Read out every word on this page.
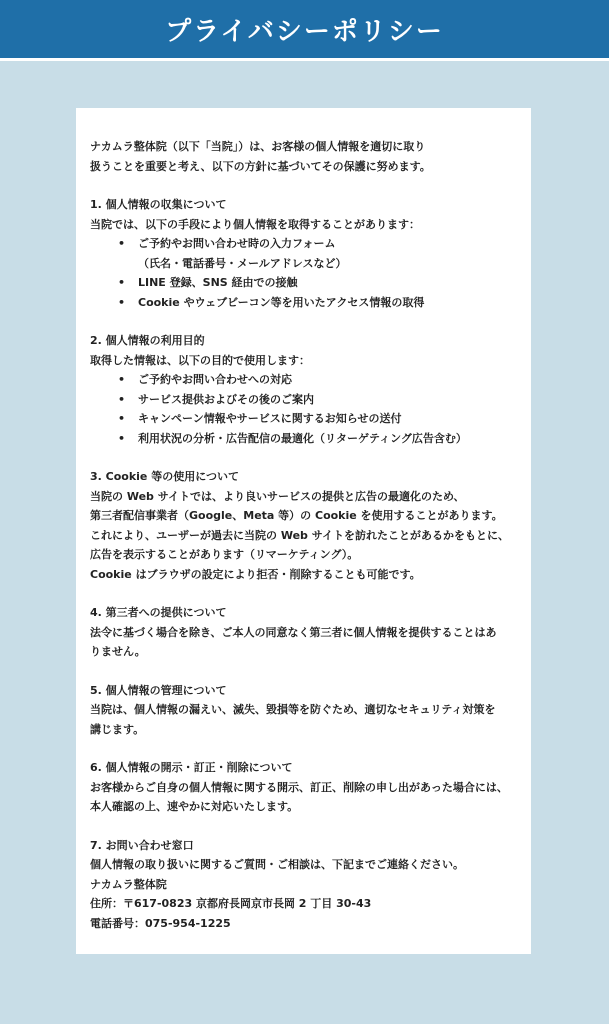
プライバシーポリシー
ナカムラ整体院（以下「当院」）は、お客様の個人情報を適切に取り
扱うことを重要と考え、以下の方針に基づいてその保護に努めます。
1. 個人情報の収集について
当院では、以下の手段により個人情報を取得することがあります：
• ご予約やお問い合わせ時の入力フォーム
（氏名・電話番号・メールアドレスなど）
• LINE 登録、SNS 経由での接触
• Cookie やウェブビーコン等を用いたアクセス情報の取得
2. 個人情報の利用目的
取得した情報は、以下の目的で使用します：
• ご予約やお問い合わせへの対応
• サービス提供およびその後のご案内
• キャンペーン情報やサービスに関するお知らせの送付
• 利用状況の分析・広告配信の最適化（リターゲティング広告含む）
3. Cookie 等の使用について
当院の Web サイトでは、より良いサービスの提供と広告の最適化のため、
第三者配信事業者（Google、Meta 等）の Cookie を使用することがあります。
これにより、ユーザーが過去に当院の Web サイトを訪れたことがあるかをもとに、
広告を表示することがあります（リマーケティング）。
Cookie はブラウザの設定により拒否・削除することも可能です。
4. 第三者への提供について
法令に基づく場合を除き、ご本人の同意なく第三者に個人情報を提供することはあ
りません。
5. 個人情報の管理について
当院は、個人情報の漏えい、滅失、毀損等を防ぐため、適切なセキュリティ対策を
講じます。
6. 個人情報の開示・訂正・削除について
お客様からご自身の個人情報に関する開示、訂正、削除の申し出があった場合には、
本人確認の上、速やかに対応いたします。
7. お問い合わせ窓口
個人情報の取り扱いに関するご質問・ご相談は、下記までご連絡ください。
ナカムラ整体院
住所：〒617-0823 京都府長岡京市長岡 2 丁目 30-43
電話番号：075-954-1225
